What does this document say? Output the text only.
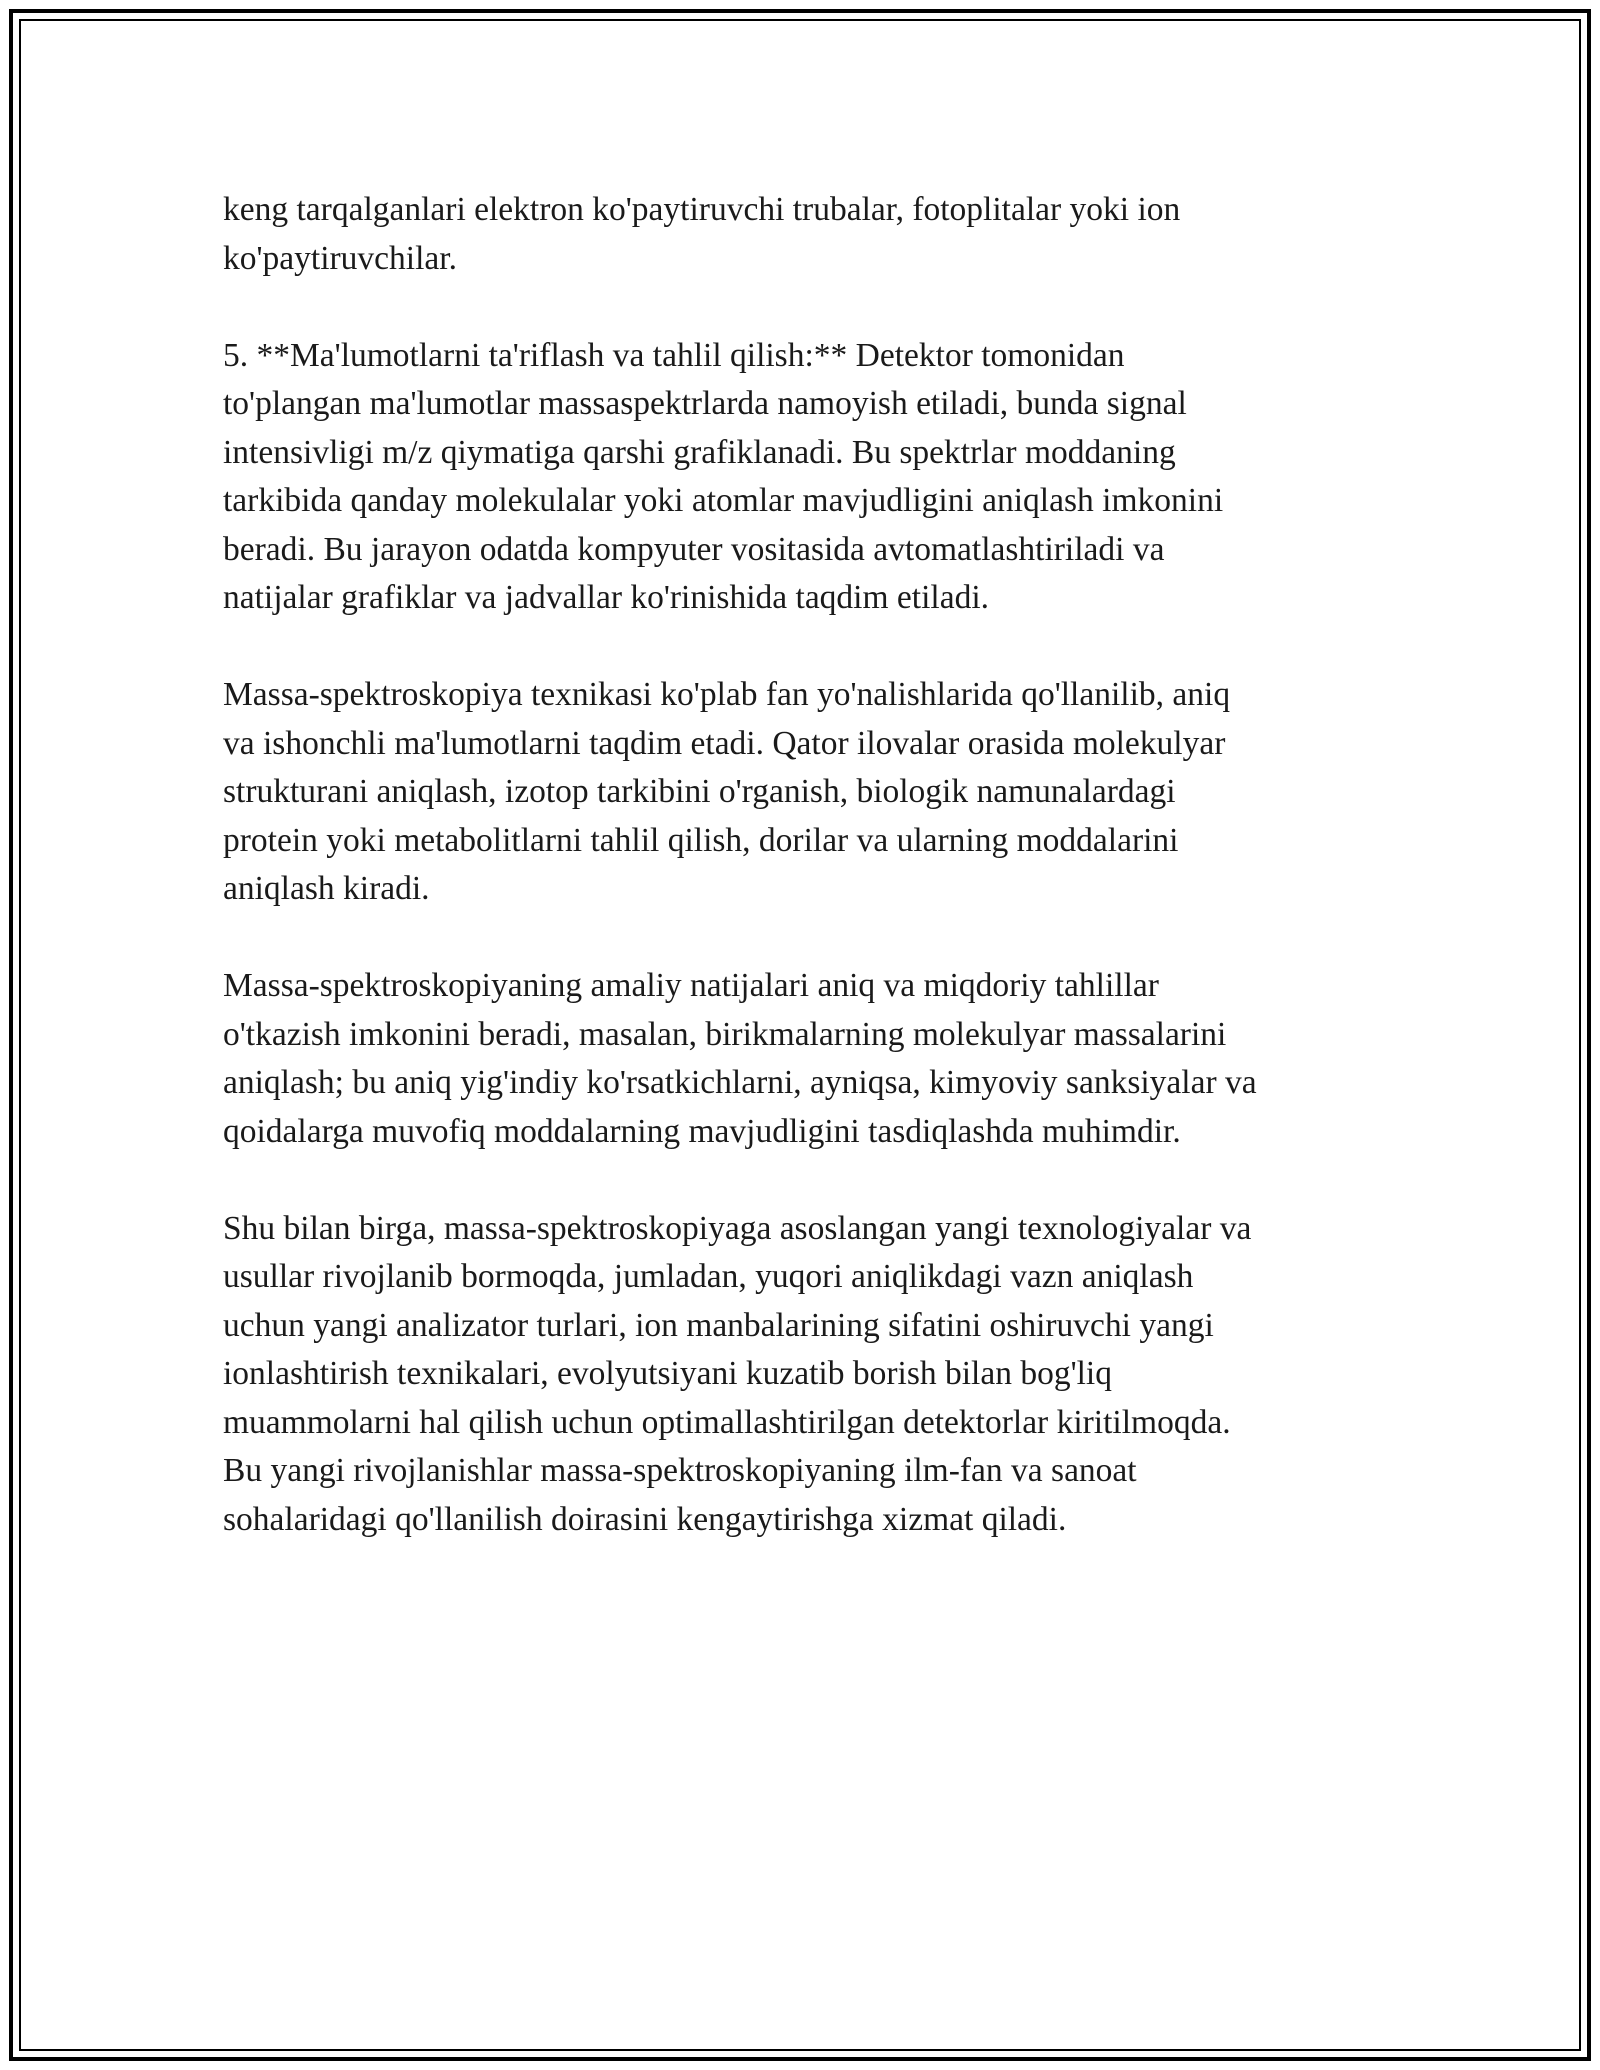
keng tarqalganlari elektron ko'paytiruvchi trubalar, fotoplitalar yoki ion
ko'paytiruvchilar.

5. **Ma'lumotlarni ta'riflash va tahlil qilish:** Detektor tomonidan
to'plangan ma'lumotlar massaspektrlarda namoyish etiladi, bunda signal
intensivligi m/z qiymatiga qarshi grafiklanadi. Bu spektrlar moddaning
tarkibida qanday molekulalar yoki atomlar mavjudligini aniqlash imkonini
beradi. Bu jarayon odatda kompyuter vositasida avtomatlashtiriladi va
natijalar grafiklar va jadvallar ko'rinishida taqdim etiladi.

Massa-spektroskopiya texnikasi ko'plab fan yo'nalishlarida qo'llanilib, aniq
va ishonchli ma'lumotlarni taqdim etadi. Qator ilovalar orasida molekulyar
strukturani aniqlash, izotop tarkibini o'rganish, biologik namunalardagi
protein yoki metabolitlarni tahlil qilish, dorilar va ularning moddalarini
aniqlash kiradi.

Massa-spektroskopiyaning amaliy natijalari aniq va miqdoriy tahlillar
o'tkazish imkonini beradi, masalan, birikmalarning molekulyar massalarini
aniqlash; bu aniq yig'indiy ko'rsatkichlarni, ayniqsa, kimyoviy sanksiyalar va
qoidalarga muvofiq moddalarning mavjudligini tasdiqlashda muhimdir.

Shu bilan birga, massa-spektroskopiyaga asoslangan yangi texnologiyalar va
usullar rivojlanib bormoqda, jumladan, yuqori aniqlikdagi vazn aniqlash
uchun yangi analizator turlari, ion manbalarining sifatini oshiruvchi yangi
ionlashtirish texnikalari, evolyutsiyani kuzatib borish bilan bog'liq
muammolarni hal qilish uchun optimallashtirilgan detektorlar kiritilmoqda.
Bu yangi rivojlanishlar massa-spektroskopiyaning ilm-fan va sanoat
sohalaridagi qo'llanilish doirasini kengaytirishga xizmat qiladi.
